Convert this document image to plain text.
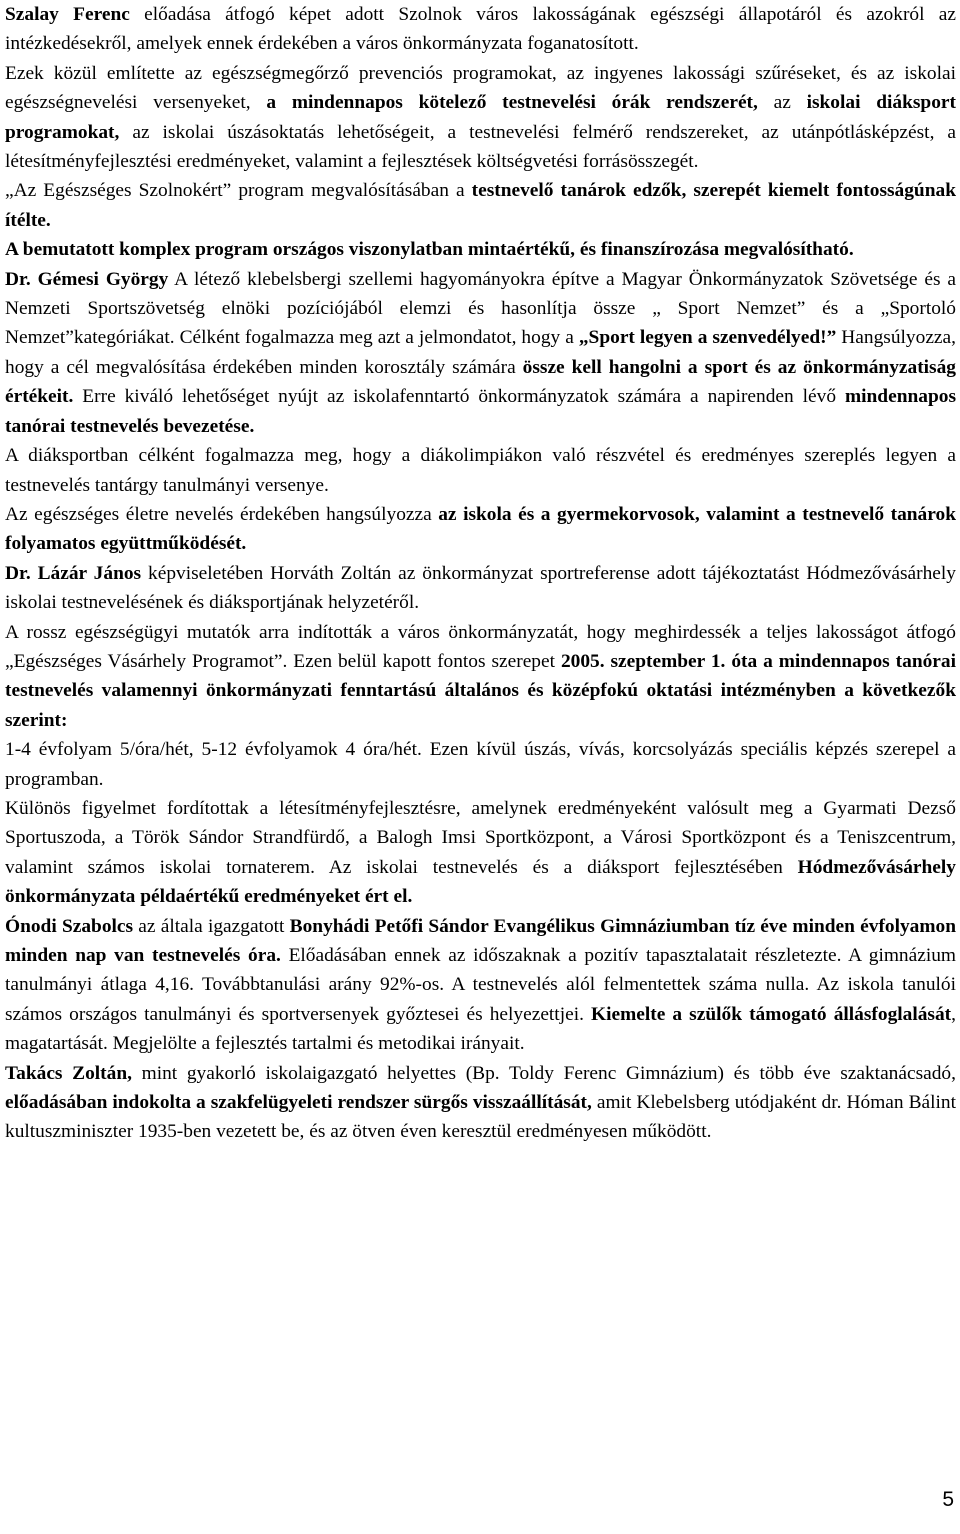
Szalay Ferenc előadása átfogó képet adott Szolnok város lakosságának egészségi állapotáról és azokról az intézkedésekről, amelyek ennek érdekében a város önkormányzata foganatosított.

Ezek közül említette az egészségmegőrző prevenciós programokat, az ingyenes lakossági szűréseket, és az iskolai egészségnevelési versenyeket, a mindennapos kötelező testnevelési órák rendszerét, az iskolai diáksport programokat, az iskolai úszásoktatás lehetőségeit, a testnevelési felmérő rendszereket, az utánpótlásképzést, a létesítményfejlesztési eredményeket, valamint a fejlesztések költségvetési forrásösszegét.

„Az Egészséges Szolnokért” program megvalósításában a testnevelő tanárok edzők, szerepét kiemelt fontosságúnak ítélte.

A bemutatott komplex program országos viszonylatban mintaértékű, és finanszírozása megvalósítható.

Dr. Gémesi György A létező klebelsbergi szellemi hagyományokra építve a Magyar Önkormányzatok Szövetsége és a Nemzeti Sportszövetség elnöki pozíciójából elemzi és hasonlítja össze „ Sport Nemzet” és a „Sportoló Nemzet”kategóriákat. Célként fogalmazza meg azt a jelmondatot, hogy a „Sport legyen a szenvedélyed!” Hangsúlyozza, hogy a cél megvalósítása érdekében minden korosztály számára össze kell hangolni a sport és az önkormányzatiság értékeit. Erre kiváló lehetőséget nyújt az iskolafenntartó önkormányzatok számára a napirenden lévő mindennapos tanórai testnevelés bevezetése.

A diáksportban célként fogalmazza meg, hogy a diákolimpiákon való részvétel és eredményes szereplés legyen a testnevelés tantárgy tanulmányi versenye.

Az egészséges életre nevelés érdekében hangsúlyozza az iskola és a gyermekorvosok, valamint a testnevelő tanárok folyamatos együttműködését.

Dr. Lázár János képviseletében Horváth Zoltán az önkormányzat sportreferense adott tájékoztatást Hódmezővásárhely iskolai testnevelésének és diáksportjának helyzetéről.

A rossz egészségügyi mutatók arra indították a város önkormányzatát, hogy meghirdessék a teljes lakosságot átfogó „Egészséges Vásárhely Programot”. Ezen belül kapott fontos szerepet 2005. szeptember 1. óta a mindennapos tanórai testnevelés valamennyi önkormányzati fenntartású általános és középfokú oktatási intézményben a következők szerint:

1-4 évfolyam 5/óra/hét, 5-12 évfolyamok 4 óra/hét. Ezen kívül úszás, vívás, korcsolyázás speciális képzés szerepel a programban.

Különös figyelmet fordítottak a létesítményfejlesztésre, amelynek eredményeként valósult meg a Gyarmati Dezső Sportuszoda, a Török Sándor Strandfürdő, a Balogh Imsi Sportközpont, a Városi Sportközpont és a Teniszcentrum, valamint számos iskolai tornaterem. Az iskolai testnevelés és a diáksport fejlesztésében Hódmezővásárhely önkormányzata példaértékű eredményeket ért el.

Ónodi Szabolcs az általa igazgatott Bonyhádi Petőfi Sándor Evangélikus Gimnáziumban tíz éve minden évfolyamon minden nap van testnevelés óra. Előadásában ennek az időszaknak a pozitív tapasztalatait részletezte. A gimnázium tanulmányi átlaga 4,16. Továbbtanulási arány 92%-os. A testnevelés alól felmentettek száma nulla. Az iskola tanulói számos országos tanulmányi és sportversenyek győztesei és helyezettjei. Kiemelte a szülők támogató állásfoglalását, magatartását. Megjelölte a fejlesztés tartalmi és metodikai irányait.

Takács Zoltán, mint gyakorló iskolaigazgató helyettes (Bp. Toldy Ferenc Gimnázium) és több éve szaktanácsadó, előadásában indokolta a szakfelügyeleti rendszer sürgős visszaállítását, amit Klebelsberg utódjaként dr. Hóman Bálint kultuszminiszter 1935-ben vezetett be, és az ötven éven keresztül eredményesen működött.

5
